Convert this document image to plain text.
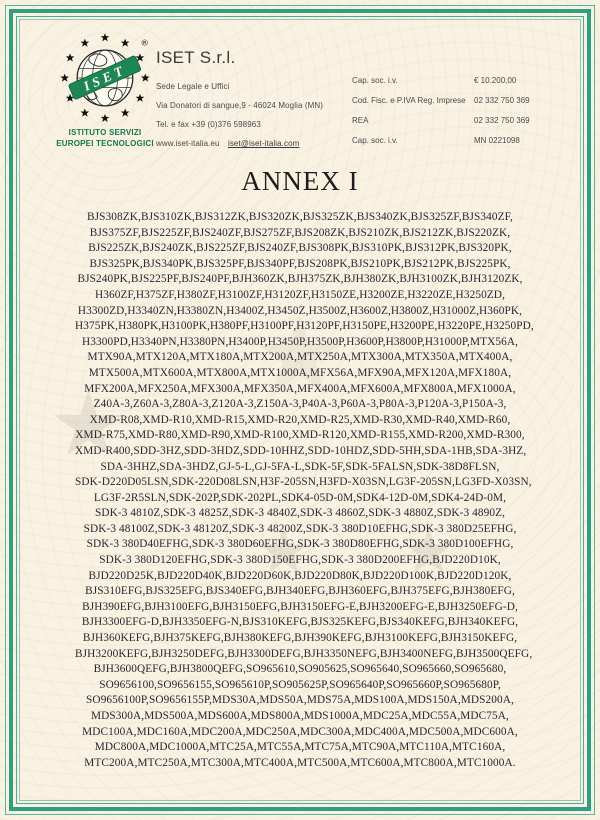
★
★ ★
★
ISET
®
ISTITUTO SERVIZI
EUROPEI TECNOLOGICI
ISET S.r.l.

Sede Legale e Uffici

Via Donatori di sangue,9 - 46024 Moglia (MN)

Tel. e fax +39 (0)376 598963

www.iset-italia.eu iset@iset-italia.com

Cap. soc. i.v.	€ 10.200,00
Cod. Fisc. e P.IVA Reg. Imprese	02 332 750 369
REA	02 332 750 369
Cap. soc. i.v.	MN 0221098
ANNEX I
BJS308ZK,BJS310ZK,BJS312ZK,BJS320ZK,BJS325ZK,BJS340ZK,BJS325ZF,BJS340ZF,
BJS375ZF,BJS225ZF,BJS240ZF,BJS275ZF,BJS208ZK,BJS210ZK,BJS212ZK,BJS220ZK,
BJS225ZK,BJS240ZK,BJS225ZF,BJS240ZF,BJS308PK,BJS310PK,BJS312PK,BJS320PK,
BJS325PK,BJS340PK,BJS325PF,BJS340PF,BJS208PK,BJS210PK,BJS212PK,BJS225PK,
BJS240PK,BJS225PF,BJS240PF,BJH360ZK,BJH375ZK,BJH380ZK,BJH3100ZK,BJH3120ZK,
H360ZF,H375ZF,H380ZF,H3100ZF,H3120ZF,H3150ZE,H3200ZE,H3220ZE,H3250ZD,
H3300ZD,H3340ZN,H3380ZN,H3400Z,H3450Z,H3500Z,H3600Z,H3800Z,H31000Z,H360PK,
H375PK,H380PK,H3100PK,H380PF,H3100PF,H3120PF,H3150PE,H3200PE,H3220PE,H3250PD,
H3300PD,H3340PN,H3380PN,H3400P,H3450P,H3500P,H3600P,H3800P,H31000P,MTX56A,
MTX90A,MTX120A,MTX180A,MTX200A,MTX250A,MTX300A,MTX350A,MTX400A,
MTX500A,MTX600A,MTX800A,MTX1000A,MFX56A,MFX90A,MFX120A,MFX180A,
MFX200A,MFX250A,MFX300A,MFX350A,MFX400A,MFX600A,MFX800A,MFX1000A,
Z40A-3,Z60A-3,Z80A-3,Z120A-3,Z150A-3,P40A-3,P60A-3,P80A-3,P120A-3,P150A-3,
XMD-R08,XMD-R10,XMD-R15,XMD-R20,XMD-R25,XMD-R30,XMD-R40,XMD-R60,
XMD-R75,XMD-R80,XMD-R90,XMD-R100,XMD-R120,XMD-R155,XMD-R200,XMD-R300,
XMD-R400,SDD-3HZ,SDD-3HDZ,SDD-10HHZ,SDD-10HDZ,SDD-5HH,SDA-1HB,SDA-3HZ,
SDA-3HHZ,SDA-3HDZ,GJ-5-L,GJ-5FA-L,SDK-5F,SDK-5FALSN,SDK-38D8FLSN,
SDK-D220D05LSN,SDK-220D08LSN,H3F-205SN,H3FD-X03SN,LG3F-205SN,LG3FD-X03SN,
LG3F-2R5SLN,SDK-202P,SDK-202PL,SDK4-05D-0M,SDK4-12D-0M,SDK4-24D-0M,
SDK-3 4810Z,SDK-3 4825Z,SDK-3 4840Z,SDK-3 4860Z,SDK-3 4880Z,SDK-3 4890Z,
SDK-3 48100Z,SDK-3 48120Z,SDK-3 48200Z,SDK-3 380D10EFHG,SDK-3 380D25EFHG,
SDK-3 380D40EFHG,SDK-3 380D60EFHG,SDK-3 380D80EFHG,SDK-3 380D100EFHG,
SDK-3 380D120EFHG,SDK-3 380D150EFHG,SDK-3 380D200EFHG,BJD220D10K,
BJD220D25K,BJD220D40K,BJD220D60K,BJD220D80K,BJD220D100K,BJD220D120K,
BJS310EFG,BJS325EFG,BJS340EFG,BJH340EFG,BJH360EFG,BJH375EFG,BJH380EFG,
BJH390EFG,BJH3100EFG,BJH3150EFG,BJH3150EFG-E,BJH3200EFG-E,BJH3250EFG-D,
BJH3300EFG-D,BJH3350EFG-N,BJS310KEFG,BJS325KEFG,BJS340KEFG,BJH340KEFG,
BJH360KEFG,BJH375KEFG,BJH380KEFG,BJH390KEFG,BJH3100KEFG,BJH3150KEFG,
BJH3200KEFG,BJH3250DEFG,BJH3300DEFG,BJH3350NEFG,BJH3400NEFG,BJH3500QEFG,
BJH3600QEFG,BJH3800QEFG,SO965610,SO905625,SO965640,SO965660,SO965680,
SO9656100,SO9656155,SO965610P,SO905625P,SO965640P,SO965660P,SO965680P,
SO9656100P,SO9656155P,MDS30A,MDS50A,MDS75A,MDS100A,MDS150A,MDS200A,
MDS300A,MDS500A,MDS600A,MDS800A,MDS1000A,MDC25A,MDC55A,MDC75A,
MDC100A,MDC160A,MDC200A,MDC250A,MDC300A,MDC400A,MDC500A,MDC600A,
MDC800A,MDC1000A,MTC25A,MTC55A,MTC75A,MTC90A,MTC110A,MTC160A,
MTC200A,MTC250A,MTC300A,MTC400A,MTC500A,MTC600A,MTC800A,MTC1000A.
